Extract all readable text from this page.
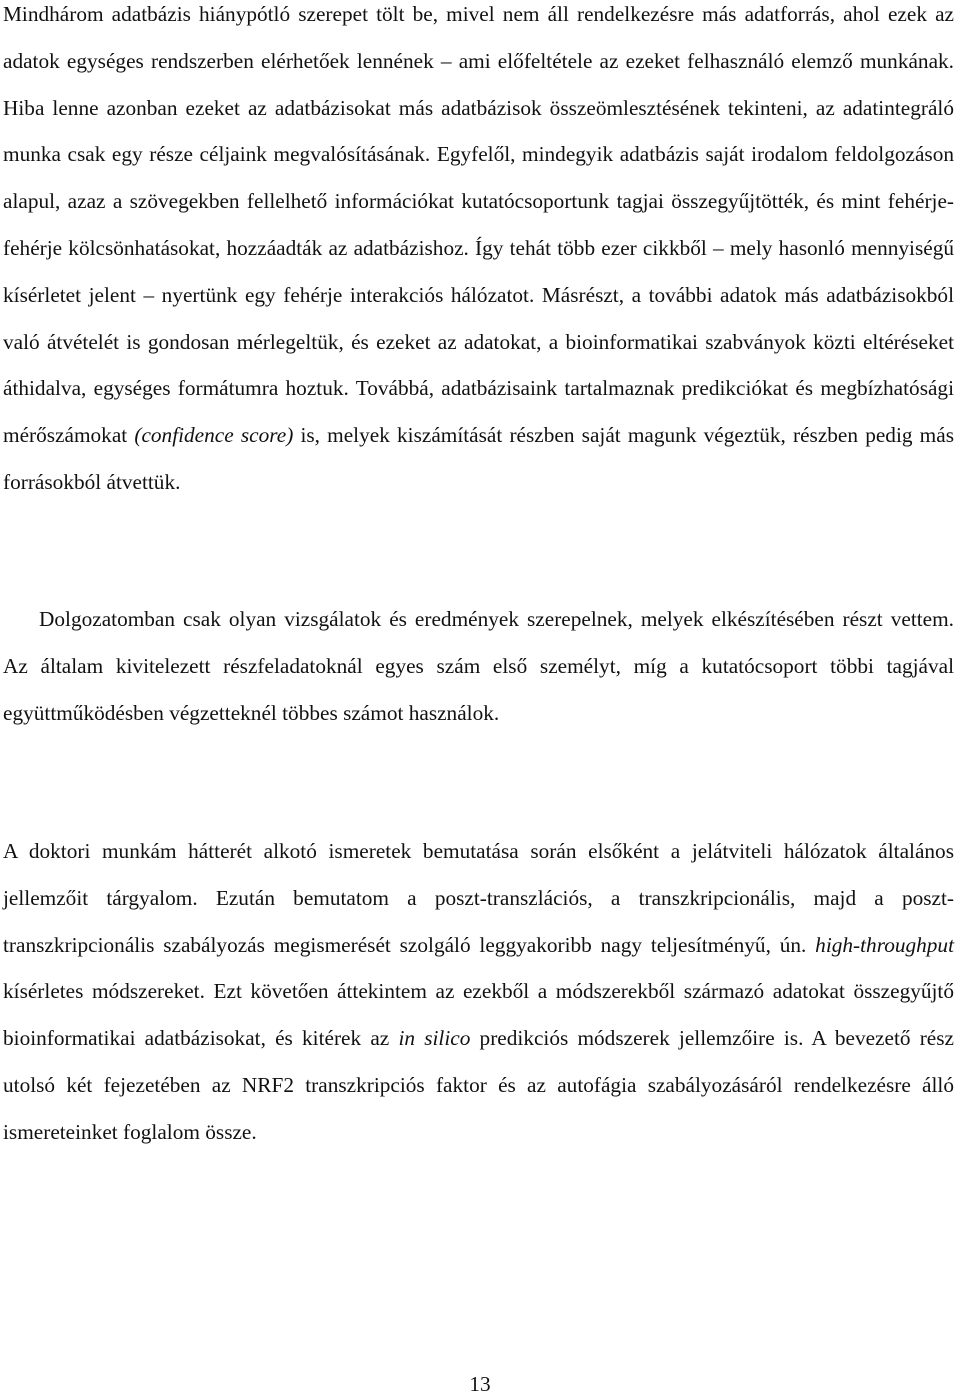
Mindhárom adatbázis hiánypótló szerepet tölt be, mivel nem áll rendelkezésre más adatforrás, ahol ezek az adatok egységes rendszerben elérhetőek lennének – ami előfeltétele az ezeket felhasználó elemző munkának. Hiba lenne azonban ezeket az adatbázisokat más adatbázisok összeömlesztésének tekinteni, az adatintegráló munka csak egy része céljaink megvalósításának. Egyfelől, mindegyik adatbázis saját irodalom feldolgozáson alapul, azaz a szövegekben fellelhető információkat kutatócsoportunk tagjai összegyűjtötték, és mint fehérje-fehérje kölcsönhatásokat, hozzáadták az adatbázishoz. Így tehát több ezer cikkből – mely hasonló mennyiségű kísérletet jelent – nyertünk egy fehérje interakciós hálózatot. Másrészt, a további adatok más adatbázisokból való átvételét is gondosan mérlegeltük, és ezeket az adatokat, a bioinformatikai szabványok közti eltéréseket áthidalva, egységes formátumra hoztuk. Továbbá, adatbázisaink tartalmaznak predikciókat és megbízhatósági mérőszámokat (confidence score) is, melyek kiszámítását részben saját magunk végeztük, részben pedig más forrásokból átvettük.

Dolgozatomban csak olyan vizsgálatok és eredmények szerepelnek, melyek elkészítésében részt vettem. Az általam kivitelezett részfeladatoknál egyes szám első személyt, míg a kutatócsoport többi tagjával együttműködésben végzetteknél többes számot használok.

A doktori munkám hátterét alkotó ismeretek bemutatása során elsőként a jelátviteli hálózatok általános jellemzőit tárgyalom. Ezután bemutatom a poszt-transzlációs, a transzkripcionális, majd a poszt-transzkripcionális szabályozás megismerését szolgáló leggyakoribb nagy teljesítményű, ún. high-throughput kísérletes módszereket. Ezt követően áttekintem az ezekből a módszerekből származó adatokat összegyűjtő bioinformatikai adatbázisokat, és kitérek az in silico predikciós módszerek jellemzőire is. A bevezető rész utolsó két fejezetében az NRF2 transzkripciós faktor és az autofágia szabályozásáról rendelkezésre álló ismereteinket foglalom össze.

13
